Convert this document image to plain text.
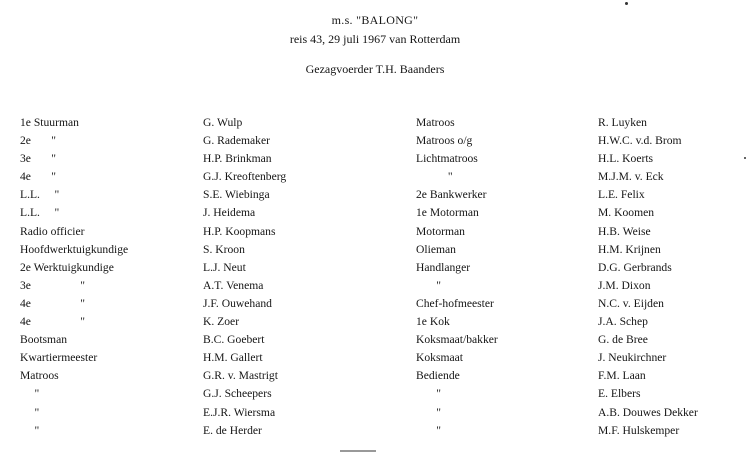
m.s. "BALONG"
reis 43, 29 juli 1967 van Rotterdam
Gezagvoerder T.H. Baanders
1e Stuurman
2e       "
3e       "
4e       "
L.L.     "
L.L.     "
Radio officier
Hoofdwerktuigkundige
2e Werktuigkundige
3e                 "
4e                 "
4e                 "
Bootsman
Kwartiermeester
Matroos
"
"
"
G. Wulp
G. Rademaker
H.P. Brinkman
G.J. Kreoftenberg
S.E. Wiebinga
J. Heidema
H.P. Koopmans
S. Kroon
L.J. Neut
A.T. Venema
J.F. Ouwehand
K. Zoer
B.C. Goebert
H.M. Gallert
G.R. v. Mastrigt
G.J. Scheepers
E.J.R. Wiersma
E. de Herder
Matroos
Matroos o/g
Lichtmatroos
"
2e Bankwerker
1e Motorman
Motorman
Olieman
Handlanger
"
Chef-hofmeester
1e Kok
Koksmaat/bakker
Koksmaat
Bediende
"
"
"
R. Luyken
H.W.C. v.d. Brom
H.L. Koerts
M.J.M. v. Eck
L.E. Felix
M. Koomen
H.B. Weise
H.M. Krijnen
D.G. Gerbrands
J.M. Dixon
N.C. v. Eijden
J.A. Schep
G. de Bree
J. Neukirchner
F.M. Laan
E. Elbers
A.B. Douwes Dekker
M.F. Hulskemper
